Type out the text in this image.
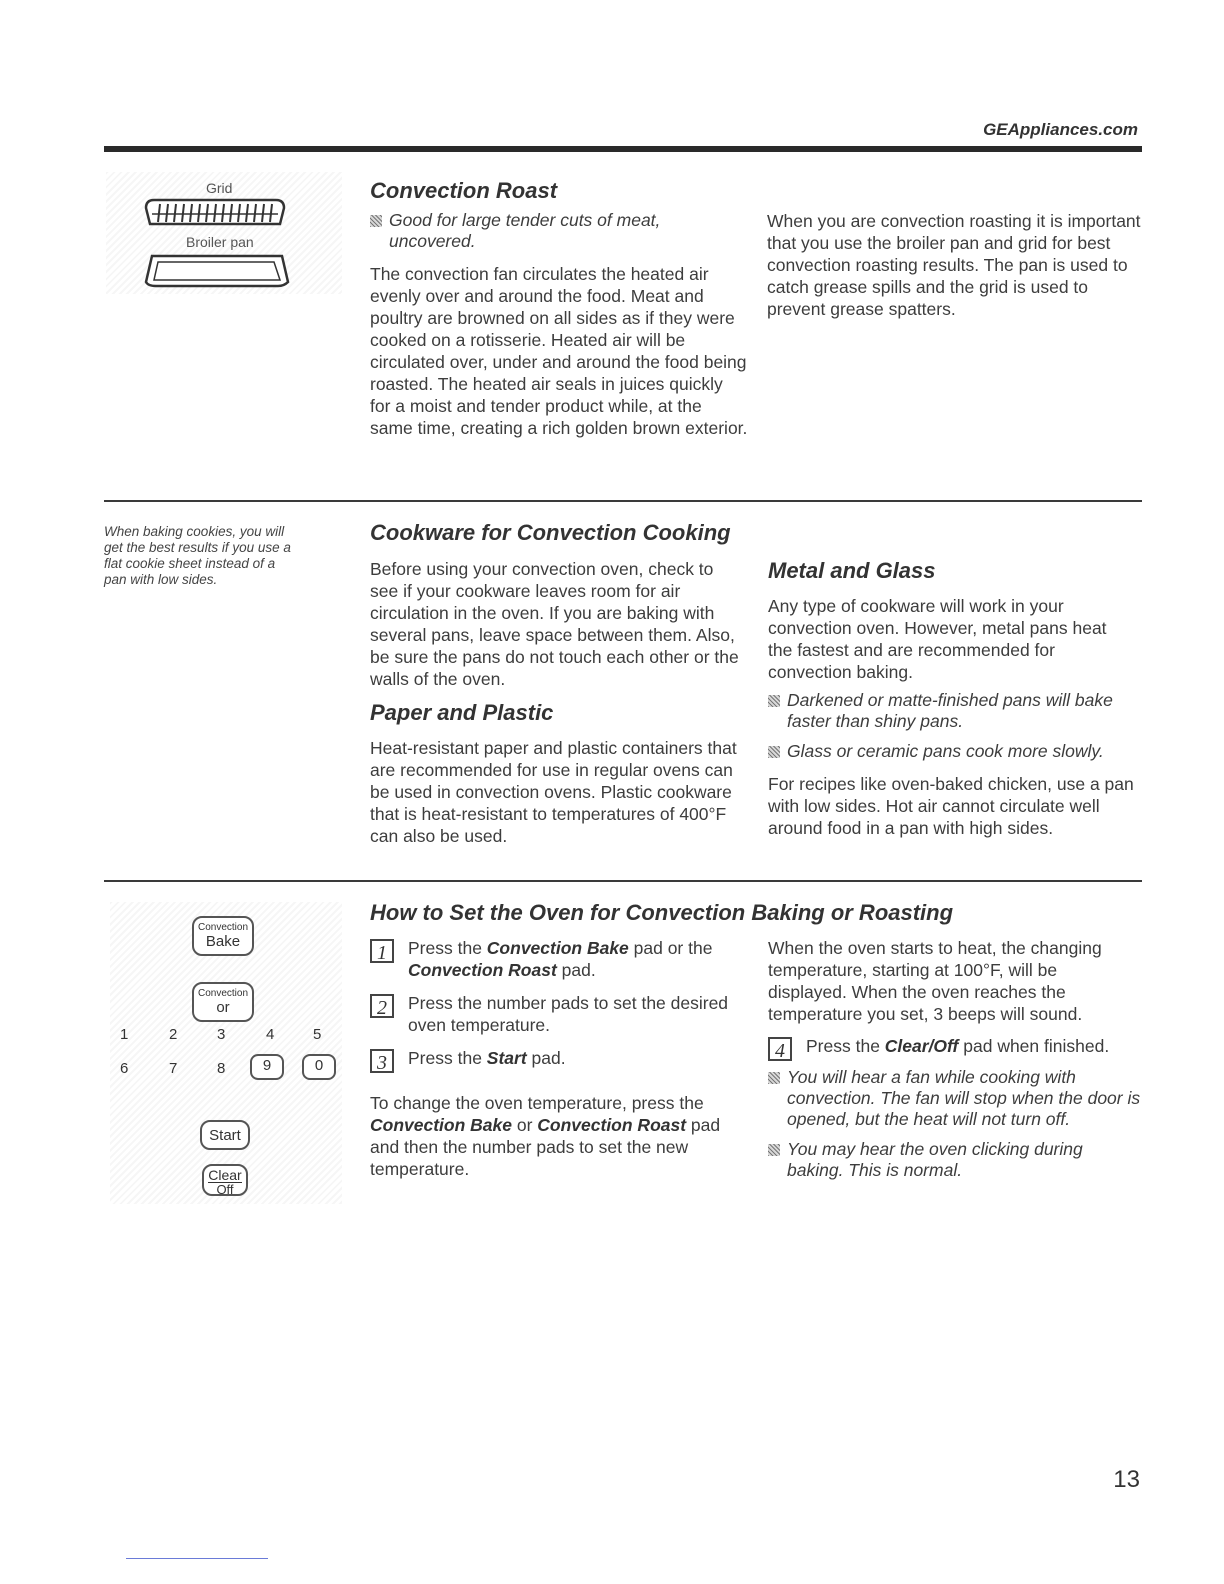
GEAppliances.com
Grid
Broiler pan
Convection Roast
Good for large tender cuts of meat, uncovered.

The convection fan circulates the heated air evenly over and around the food. Meat and poultry are browned on all sides as if they were cooked on a rotisserie. Heated air will be circulated over, under and around the food being roasted. The heated air seals in juices quickly for a moist and tender product while, at the same time, creating a rich golden brown exterior.

When you are convection roasting it is important that you use the broiler pan and grid for best convection roasting results. The pan is used to catch grease spills and the grid is used to prevent grease spatters.

When baking cookies, you will get the best results if you use a flat cookie sheet instead of a pan with low sides.
Cookware for Convection Cooking

Before using your convection oven, check to see if your cookware leaves room for air circulation in the oven. If you are baking with several pans, leave space between them. Also, be sure the pans do not touch each other or the walls of the oven.

Paper and Plastic

Heat-resistant paper and plastic containers that are recommended for use in regular ovens can be used in convection ovens. Plastic cookware that is heat-resistant to temperatures of 400°F can also be used.

Metal and Glass

Any type of cookware will work in your convection oven. However, metal pans heat the fastest and are recommended for convection baking.

Darkened or matte-finished pans will bake faster than shiny pans.
Glass or ceramic pans cook more slowly.

For recipes like oven-baked chicken, use a pan with low sides. Hot air cannot circulate well around food in a pan with high sides.

Convection
Bake
Convection
or
1	2	3	4	5
6	7	8	9	0
Start
Clear
Off
How to Set the Oven for Convection Baking or Roasting
1	Press the Convection Bake pad or the Convection Roast pad.

2	Press the number pads to set the desired oven temperature.

3	Press the Start pad.

To change the oven temperature, press the Convection Bake or Convection Roast pad and then the number pads to set the new temperature.

When the oven starts to heat, the changing temperature, starting at 100°F, will be displayed. When the oven reaches the temperature you set, 3 beeps will sound.

4	Press the Clear/Off pad when finished.

You will hear a fan while cooking with convection. The fan will stop when the door is opened, but the heat will not turn off.
You may hear the oven clicking during baking. This is normal.
13
